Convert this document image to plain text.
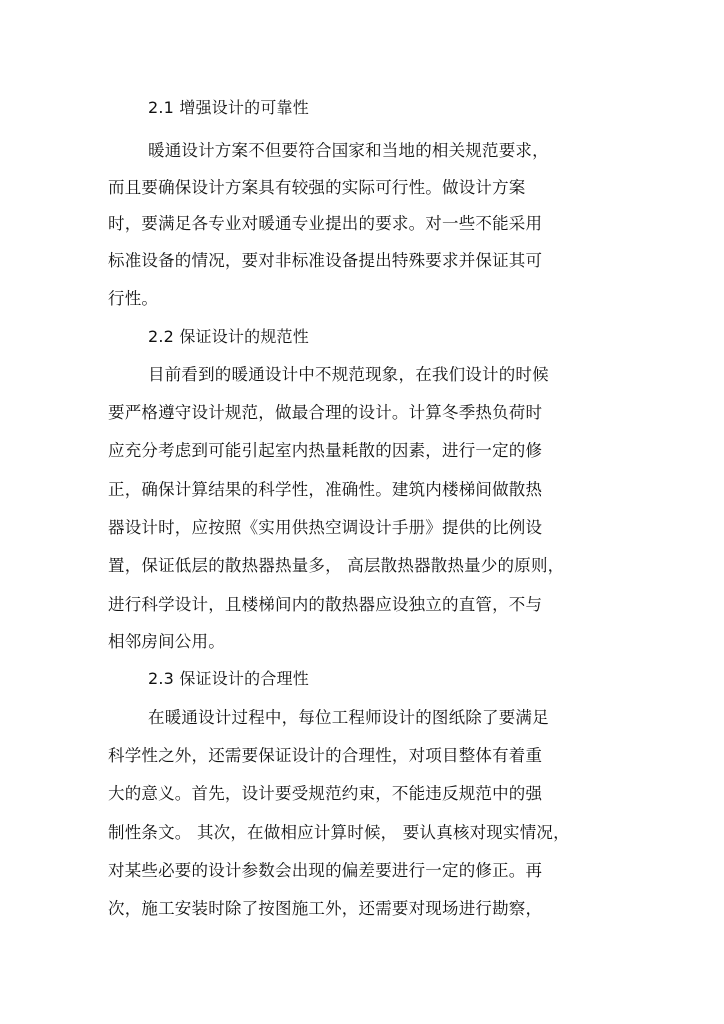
2.1 增强设计的可靠性
暖通设计方案不但要符合国家和当地的相关规范要求，
而且要确保设计方案具有较强的实际可行性。做设计方案
时，要满足各专业对暖通专业提出的要求。对一些不能采用
标准设备的情况，要对非标准设备提出特殊要求并保证其可
行性。
2.2 保证设计的规范性
目前看到的暖通设计中不规范现象，在我们设计的时候
要严格遵守设计规范，做最合理的设计。计算冬季热负荷时
应充分考虑到可能引起室内热量耗散的因素，进行一定的修
正，确保计算结果的科学性，准确性。建筑内楼梯间做散热
器设计时，应按照《实用供热空调设计手册》提供的比例设
置，保证低层的散热器热量多， 高层散热器散热量少的原则，
进行科学设计，且楼梯间内的散热器应设独立的直管，不与
相邻房间公用。
2.3 保证设计的合理性
在暖通设计过程中，每位工程师设计的图纸除了要满足
科学性之外，还需要保证设计的合理性，对项目整体有着重
大的意义。首先，设计要受规范约束，不能违反规范中的强
制性条文。 其次，在做相应计算时候， 要认真核对现实情况，
对某些必要的设计参数会出现的偏差要进行一定的修正。再
次，施工安装时除了按图施工外，还需要对现场进行勘察，
